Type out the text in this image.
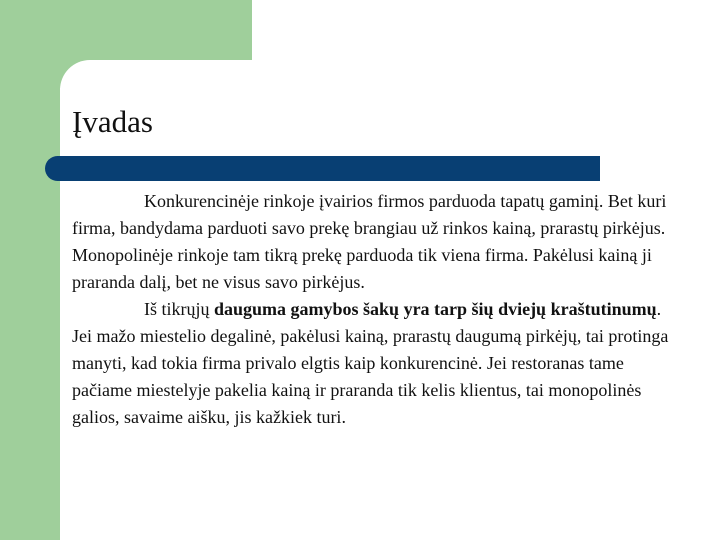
Įvadas
Konkurencinėje rinkoje įvairios firmos parduoda tapatų gaminį. Bet kuri firma, bandydama parduoti savo prekę brangiau už rinkos kainą, prarastų pirkėjus. Monopolinėje rinkoje tam tikrą prekę parduoda tik viena firma. Pakėlusi kainą ji praranda dalį, bet ne visus savo pirkėjus.
Iš tikrųjų dauguma gamybos šakų yra tarp šių dviejų kraštutinumų. Jei mažo miestelio degalinė, pakėlusi kainą, prarastų daugumą pirkėjų, tai protinga manyti, kad tokia firma privalo elgtis kaip konkurencinė. Jei restoranas tame pačiame miestelyje pakelia kainą ir praranda tik kelis klientus, tai monopolinės galios, savaime aišku, jis kažkiek turi.
